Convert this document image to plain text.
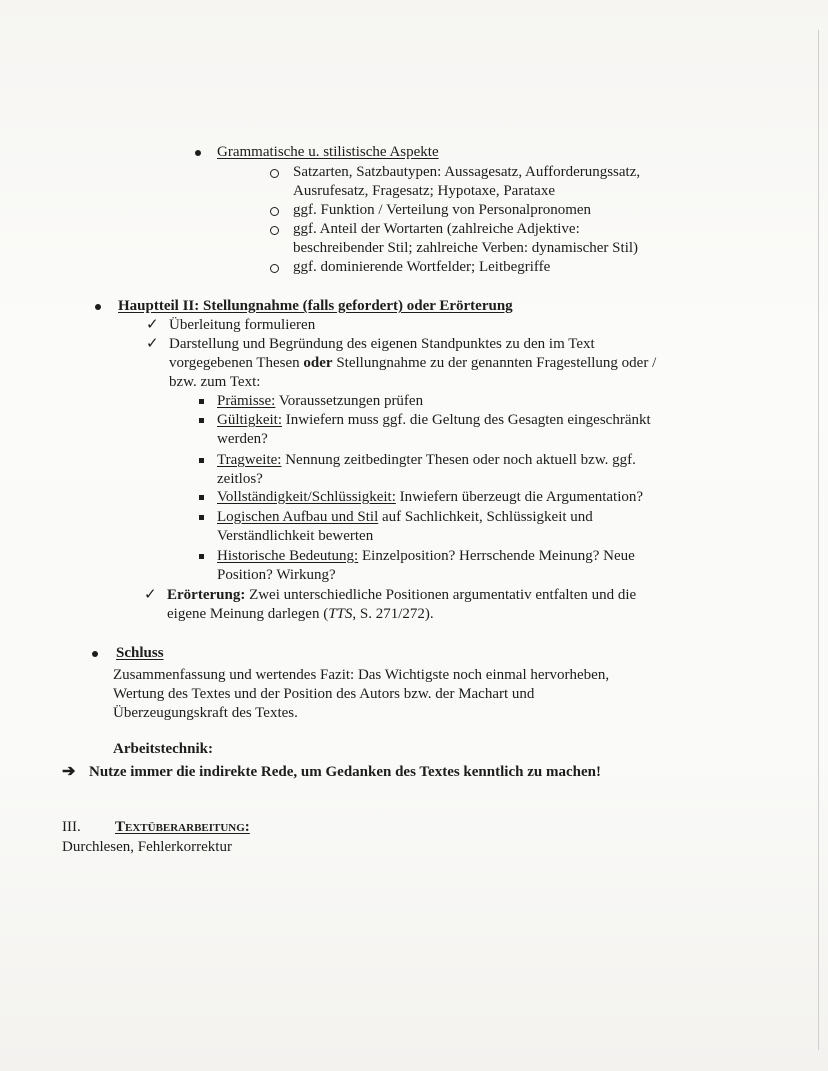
Grammatische u. stilistische Aspekte
Satzarten, Satzbautypen: Aussagesatz, Aufforderungssatz,
Ausrufesatz, Fragesatz; Hypotaxe, Parataxe
ggf. Funktion / Verteilung von Personalpronomen
ggf. Anteil der Wortarten (zahlreiche Adjektive:
beschreibender Stil; zahlreiche Verben: dynamischer Stil)
ggf. dominierende Wortfelder; Leitbegriffe
Hauptteil II: Stellungnahme (falls gefordert) oder Erörterung
✓ Überleitung formulieren
✓ Darstellung und Begründung des eigenen Standpunktes zu den im Text
vorgegebenen Thesen oder Stellungnahme zu der genannten Fragestellung oder /
bzw. zum Text:
Prämisse: Voraussetzungen prüfen
Gültigkeit: Inwiefern muss ggf. die Geltung des Gesagten eingeschränkt
werden?
Tragweite: Nennung zeitbedingter Thesen oder noch aktuell bzw. ggf.
zeitlos?
Vollständigkeit/Schlüssigkeit: Inwiefern überzeugt die Argumentation?
Logischen Aufbau und Stil auf Sachlichkeit, Schlüssigkeit und
Verständlichkeit bewerten
Historische Bedeutung: Einzelposition? Herrschende Meinung? Neue
Position? Wirkung?
✓ Erörterung: Zwei unterschiedliche Positionen argumentativ entfalten und die
eigene Meinung darlegen (TTS, S. 271/272).
Schluss
Zusammenfassung und wertendes Fazit: Das Wichtigste noch einmal hervorheben,
Wertung des Textes und der Position des Autors bzw. der Machart und
Überzeugungskraft des Textes.
Arbeitstechnik:
➔ Nutze immer die indirekte Rede, um Gedanken des Textes kenntlich zu machen!
III. Textüberarbeitung:
Durchlesen, Fehlerkorrektur
